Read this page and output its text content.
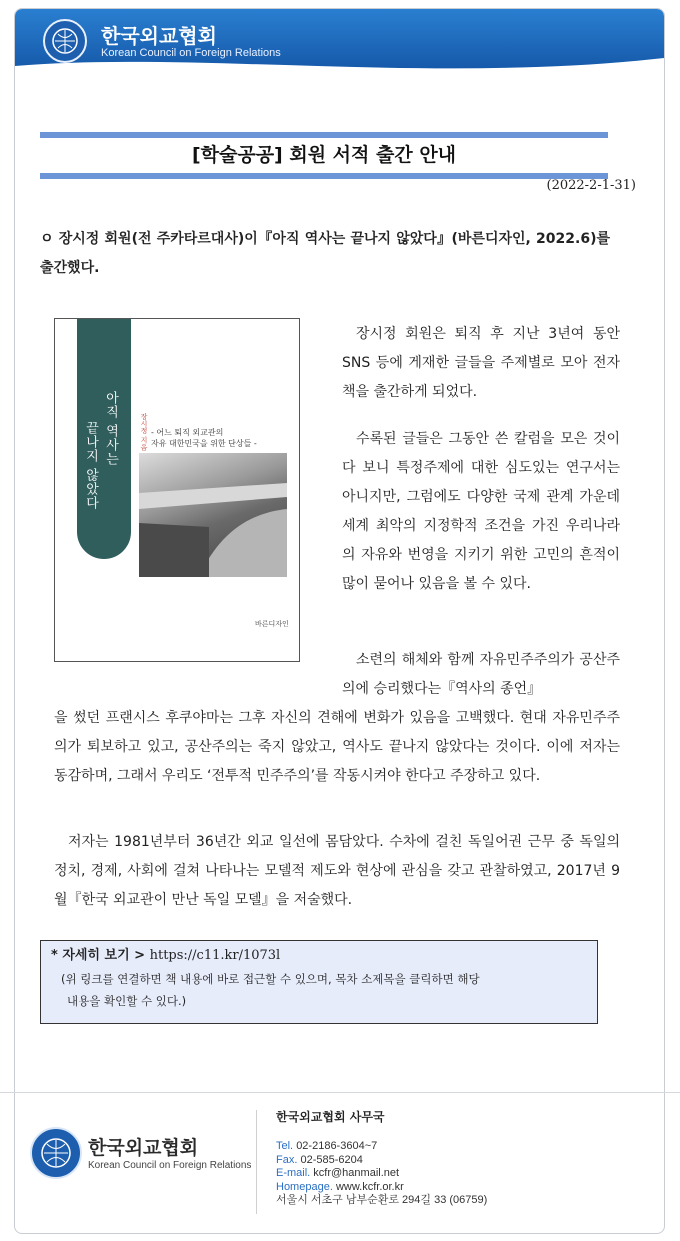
한국외교협회
Korean Council on Foreign Relations
[학술공공] 회원 서적 출간 안내
(2022-2-1-31)
ㅇ 장시정 회원(전 주카타르대사)이『아직 역사는 끝나지 않았다』(바른디자인, 2022.6)를 출간했다.
아직 역사는
끝나지 않았다	장시정 지음 - 어느 퇴직 외교관의
자유 대한민국을 위한 단상들 -
바른디자인
장시정 회원은 퇴직 후 지난 3년여 동안 SNS 등에 게재한 글들을 주제별로 모아 전자책을 출간하게 되었다.
수록된 글들은 그동안 쓴 칼럼을 모은 것이다 보니 특정주제에 대한 심도있는 연구서는 아니지만, 그럼에도 다양한 국제 관계 가운데 세계 최악의 지정학적 조건을 가진 우리나라의 자유와 번영을 지키기 위한 고민의 흔적이 많이 묻어나 있음을 볼 수 있다.
소련의 해체와 함께 자유민주주의가 공산주의에 승리했다는『역사의 종언』
을 썼던 프랜시스 후쿠야마는 그후 자신의 견해에 변화가 있음을 고백했다. 현대 자유민주주의가 퇴보하고 있고, 공산주의는 죽지 않았고, 역사도 끝나지 않았다는 것이다. 이에 저자는 동감하며, 그래서 우리도 ‘전투적 민주주의’를 작동시켜야 한다고 주장하고 있다.
저자는 1981년부터 36년간 외교 일선에 몸담았다. 수차에 걸친 독일어권 근무 중 독일의 정치, 경제, 사회에 걸쳐 나타나는 모델적 제도와 현상에 관심을 갖고 관찰하였고, 2017년 9월『한국 외교관이 만난 독일 모델』을 저술했다.
* 자세히 보기 > https://c11.kr/1073l
(위 링크를 연결하면 책 내용에 바로 접근할 수 있으며, 목차 소제목을 클릭하면 해당
내용을 확인할 수 있다.)
한국외교협회
Korean Council on Foreign Relations
한국외교협회 사무국
Tel. 02-2186-3604~7
Fax. 02-585-6204
E-mail. kcfr@hanmail.net
Homepage. www.kcfr.or.kr
서울시 서초구 남부순환로 294길 33 (06759)
